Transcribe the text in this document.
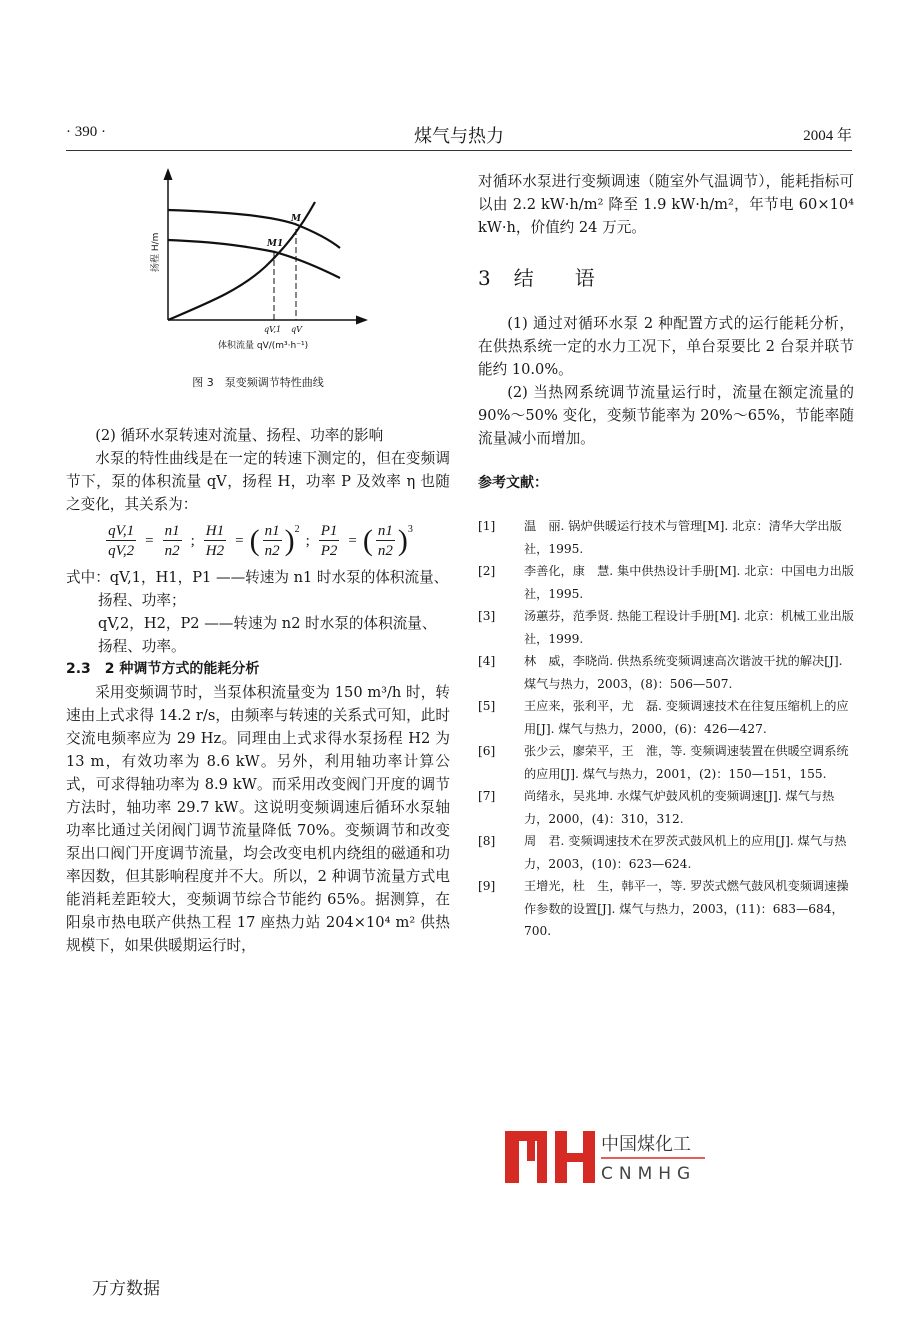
· 390 ·	煤气与热力	2004 年
M1
M
qV,1 qV
扬程 H/m
体积流量 qV/(m³·h⁻¹)
图 3　泵变频调节特性曲线

(2) 循环水泵转速对流量、扬程、功率的影响

水泵的特性曲线是在一定的转速下测定的，但在变频调节下，泵的体积流量 qV，扬程 H，功率 P 及效率 η 也随之变化，其关系为：

$\frac{qV,1}{qV,2} = \frac{n1}{n2}$ ; $\frac{H1}{H2}$ = ( $\frac{n1}{n2}$ ) 2
; $\frac{P1}{P2}$ = ( $\frac{n1}{n2}$ ) 3

式中：qV,1，H1，P1 ——转速为 n1 时水泵的体积流量、

扬程、功率；

qV,2，H2，P2 ——转速为 n2 时水泵的体积流量、

扬程、功率。

2.3　2 种调节方式的能耗分析

采用变频调节时，当泵体积流量变为 150 m³/h 时，转速由上式求得 14.2 r/s，由频率与转速的关系式可知，此时交流电频率应为 29 Hz。同理由上式求得水泵扬程 H2 为 13 m，有效功率为 8.6 kW。另外，利用轴功率计算公式，可求得轴功率为 8.9 kW。而采用改变阀门开度的调节方法时，轴功率 29.7 kW。这说明变频调速后循环水泵轴功率比通过关闭阀门调节流量降低 70%。变频调节和改变泵出口阀门开度调节流量，均会改变电机内绕组的磁通和功率因数，但其影响程度并不大。所以，2 种调节流量方式电能消耗差距较大，变频调节综合节能约 65%。据测算，在阳泉市热电联产供热工程 17 座热力站 204×10⁴ m² 供热规模下，如果供暖期运行时，

对循环水泵进行变频调速（随室外气温调节），能耗指标可以由 2.2 kW·h/m² 降至 1.9 kW·h/m²，年节电 60×10⁴ kW·h，价值约 24 万元。

3 结 语

(1) 通过对循环水泵 2 种配置方式的运行能耗分析，在供热系统一定的水力工况下，单台泵要比 2 台泵并联节能约 10.0%。

(2) 当热网系统调节流量运行时，流量在额定流量的 90%～50% 变化，变频节能率为 20%～65%，节能率随流量减小而增加。

参考文献：

[1]	温　丽. 锅炉供暖运行技术与管理[M]. 北京：清华大学出版社，1995.
[2]	李善化，康　慧. 集中供热设计手册[M]. 北京：中国电力出版社，1995.
[3]	汤蕙芬，范季贤. 热能工程设计手册[M]. 北京：机械工业出版社，1999.
[4]	林　威，李晓尚. 供热系统变频调速高次谐波干扰的解决[J]. 煤气与热力，2003，(8)：506—507.
[5]	王应来，张利平，尤　磊. 变频调速技术在往复压缩机上的应用[J]. 煤气与热力，2000，(6)：426—427.
[6]	张少云，廖荣平，王　淮，等. 变频调速装置在供暖空调系统的应用[J]. 煤气与热力，2001，(2)：150—151，155.
[7]	尚绪永，吴兆坤. 水煤气炉鼓风机的变频调速[J]. 煤气与热力，2000，(4)：310，312.
[8]	周　君. 变频调速技术在罗茨式鼓风机上的应用[J]. 煤气与热力，2003，(10)：623—624.
[9]	王增光，杜　生，韩平一，等. 罗茨式燃气鼓风机变频调速操作参数的设置[J]. 煤气与热力，2003，(11)：683—684，700.
中国煤化工
CNMHG
万方数据
